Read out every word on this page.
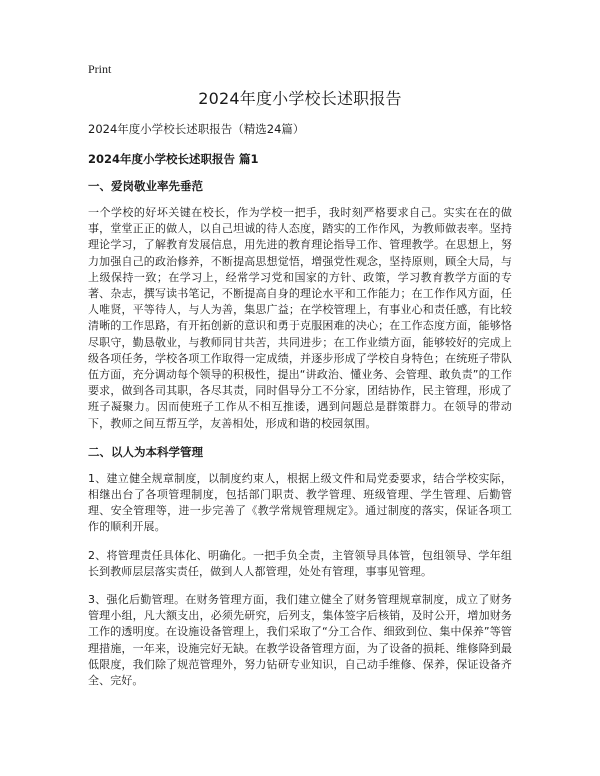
Print
2024年度小学校长述职报告
2024年度小学校长述职报告（精选24篇）
2024年度小学校长述职报告 篇1
一、爱岗敬业率先垂范

一个学校的好坏关键在校长，作为学校一把手，我时刻严格要求自己。实实在在的做事，堂堂正正的做人，以自己坦诚的待人态度，踏实的工作作风，为教师做表率。坚持理论学习，了解教育发展信息，用先进的教育理论指导工作、管理教学。在思想上，努力加强自己的政治修养，不断提高思想觉悟，增强党性观念，坚持原则，顾全大局，与上级保持一致；在学习上，经常学习党和国家的方针、政策，学习教育教学方面的专著、杂志，撰写读书笔记，不断提高自身的理论水平和工作能力；在工作作风方面，任人唯贤，平等待人，与人为善，集思广益；在学校管理上，有事业心和责任感，有比较清晰的工作思路，有开拓创新的意识和勇于克服困难的决心；在工作态度方面，能够恪尽职守，勤恳敬业，与教师同甘共苦，共同进步；在工作业绩方面，能够较好的完成上级各项任务，学校各项工作取得一定成绩，并逐步形成了学校自身特色；在统班子带队伍方面，充分调动每个领导的积极性，提出“讲政治、懂业务、会管理、敢负责”的工作要求，做到各司其职，各尽其责，同时倡导分工不分家，团结协作，民主管理，形成了班子凝聚力。因而使班子工作从不相互推诿，遇到问题总是群策群力。在领导的带动下，教师之间互帮互学，友善相处，形成和谐的校园氛围。

二、以人为本科学管理

1、建立健全规章制度，以制度约束人，根据上级文件和局党委要求，结合学校实际，相继出台了各项管理制度，包括部门职责、教学管理、班级管理、学生管理、后勤管理、安全管理等，进一步完善了《教学常规管理规定》。通过制度的落实，保证各项工作的顺利开展。

2、将管理责任具体化、明确化。一把手负全责，主管领导具体管，包组领导、学年组长到教师层层落实责任，做到人人都管理，处处有管理，事事见管理。

3、强化后勤管理。在财务管理方面，我们建立健全了财务管理规章制度，成立了财务管理小组，凡大额支出，必须先研究，后列支，集体签字后核销，及时公开，增加财务工作的透明度。在设施设备管理上，我们采取了“分工合作、细致到位、集中保养”等管理措施，一年来，设施完好无缺。在教学设备管理方面，为了设备的损耗、维修降到最低限度，我们除了规范管理外，努力钻研专业知识，自己动手维修、保养，保证设备齐全、完好。
